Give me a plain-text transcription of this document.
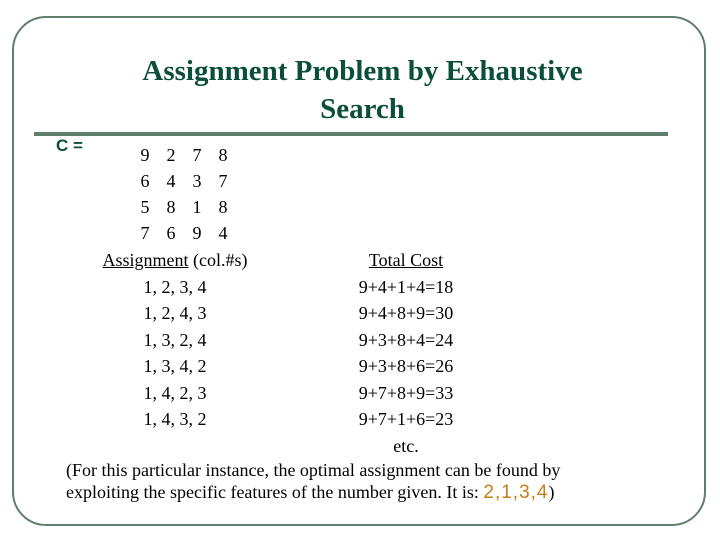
Assignment Problem by Exhaustive
Search
C =	9 2 7 8
6 4 3 7
5 8 1 8
7 6 9 4
Assignment (col.#s)
1, 2, 3, 4
1, 2, 4, 3
1, 3, 2, 4
1, 3, 4, 2
1, 4, 2, 3
1, 4, 3, 2
Total Cost
9+4+1+4=18
9+4+8+9=30
9+3+8+4=24
9+3+8+6=26
9+7+8+9=33
9+7+1+6=23
etc.
(For this particular instance, the optimal assignment can be found by
exploiting the specific features of the number given. It is: 2,1,3,4)
